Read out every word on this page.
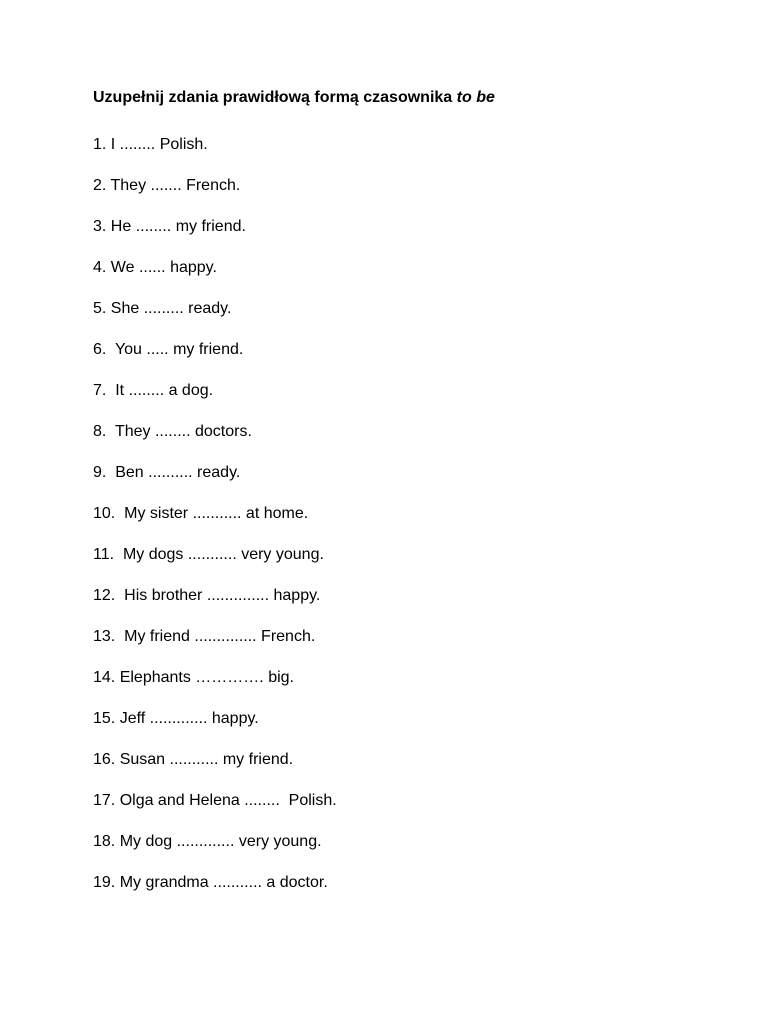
Uzupełnij zdania prawidłową formą czasownika to be
1. I ........ Polish.
2. They ....... French.
3. He ........ my friend.
4. We ...... happy.
5. She ......... ready.
6.  You ..... my friend.
7.  It ........ a dog.
8.  They ........ doctors.
9.  Ben .......... ready.
10.  My sister ........... at home.
11.  My dogs ........... very young.
12.  His brother .............. happy.
13.  My friend .............. French.
14. Elephants …………. big.
15. Jeff ............. happy.
16. Susan ........... my friend.
17. Olga and Helena ........  Polish.
18. My dog ............. very young.
19. My grandma ........... a doctor.
